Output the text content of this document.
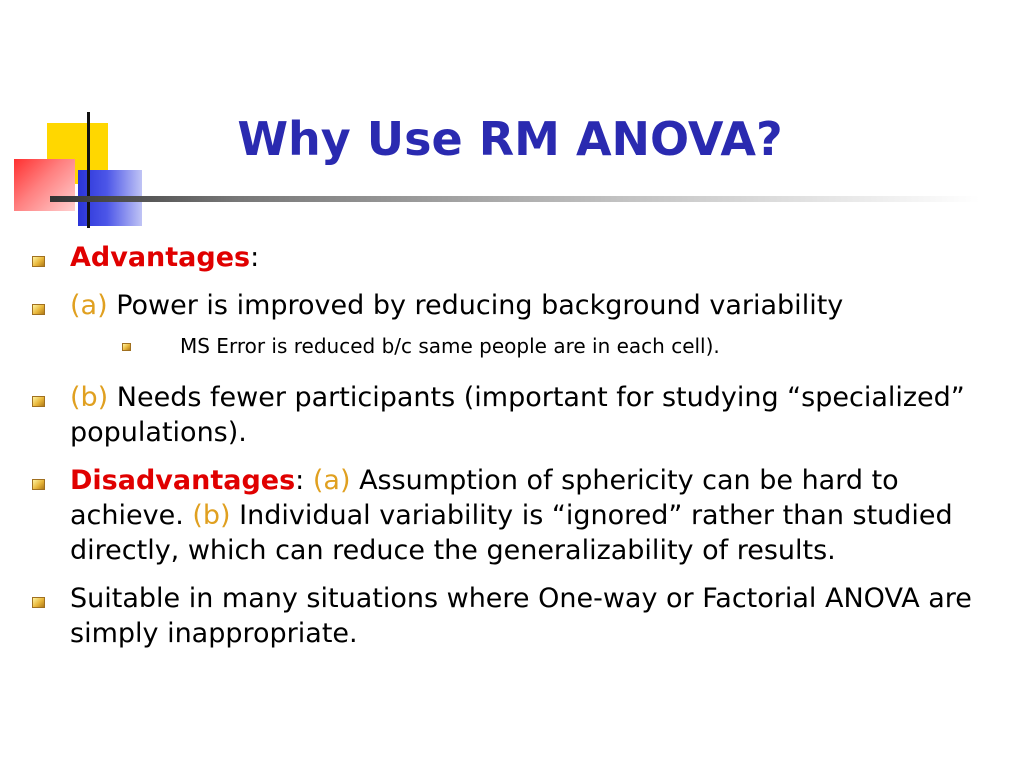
Why Use RM ANOVA?
Advantages:
(a) Power is improved by reducing background variability
MS Error is reduced b/c same people are in each cell).
(b) Needs fewer participants (important for studying “specialized” populations).
Disadvantages: (a) Assumption of sphericity can be hard to achieve. (b) Individual variability is “ignored” rather than studied directly, which can reduce the generalizability of results.
Suitable in many situations where One-way or Factorial ANOVA are simply inappropriate.
